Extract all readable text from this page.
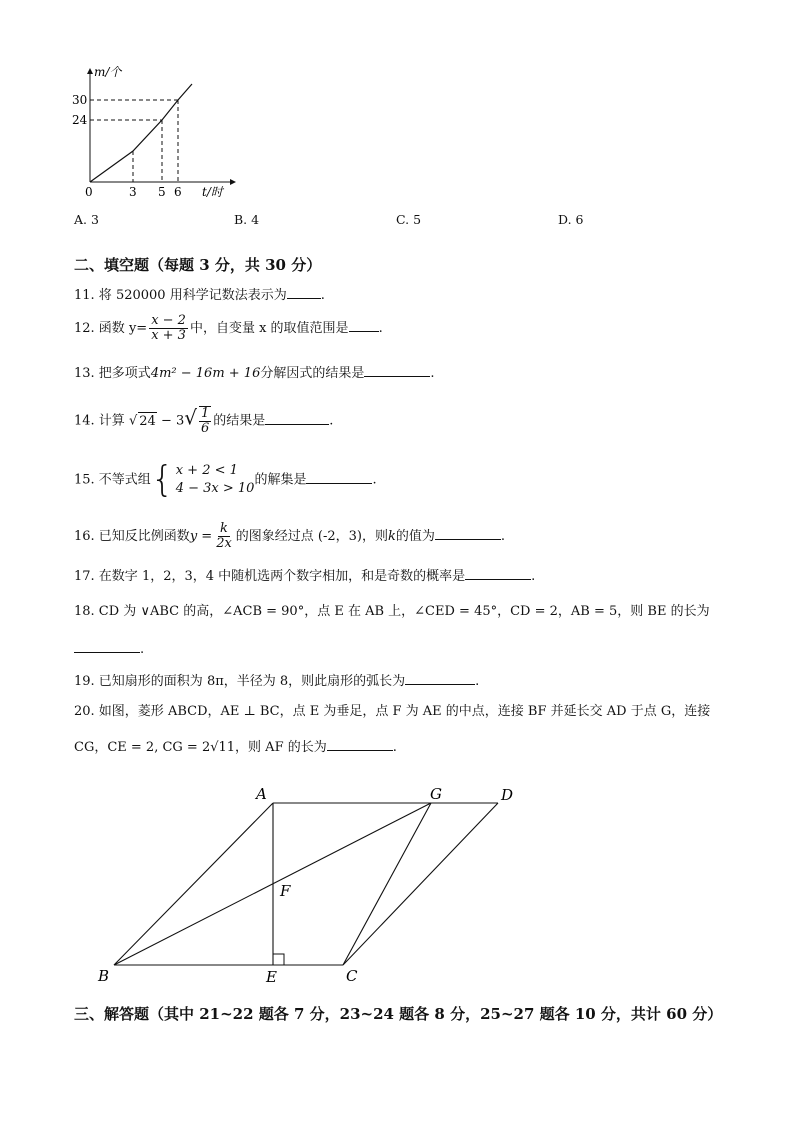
m/个
t/时
30
24
0	3 5 6
A. 3	B. 4	C. 5	D. 6
二、填空题（每题 3 分，共 30 分）
11. 将 520000 用科学记数法表示为	.
12. 函数 $y= \frac{x - 2}{x + 3}$ 中，自变量 x 的取值范围是 .
13. 把多项式4m² − 16m + 16分解因式的结果是	.
14. 计算 √ $24 - 3√ \frac{1}{6}$ 的结果是	.
15. 不等式组 { x + 2 < 1
4 − 3x > 10
的解集是	.
16. 已知反比例函数$y = \frac{k}{2x}$ 的图象经过点 (-2，3)，则k的值为	.
17. 在数字 1，2，3，4 中随机选两个数字相加，和是奇数的概率是	.
18. CD 为 ∨ABC 的高，∠ACB = 90°，点 E 在 AB 上，∠CED = 45°，CD = 2，AB = 5，则 BE 的长为
.
19. 已知扇形的面积为 8π，半径为 8，则此扇形的弧长为	.
20. 如图，菱形 ABCD，AE ⊥ BC，点 E 为垂足，点 F 为 AE 的中点，连接 BF 并延长交 AD 于点 G，连接
CG，CE = 2, CG = 2√11，则 AF 的长为	.
A	G	D
F
B	E	C
三、解答题（其中 21~22 题各 7 分，23~24 题各 8 分，25~27 题各 10 分，共计 60 分）
